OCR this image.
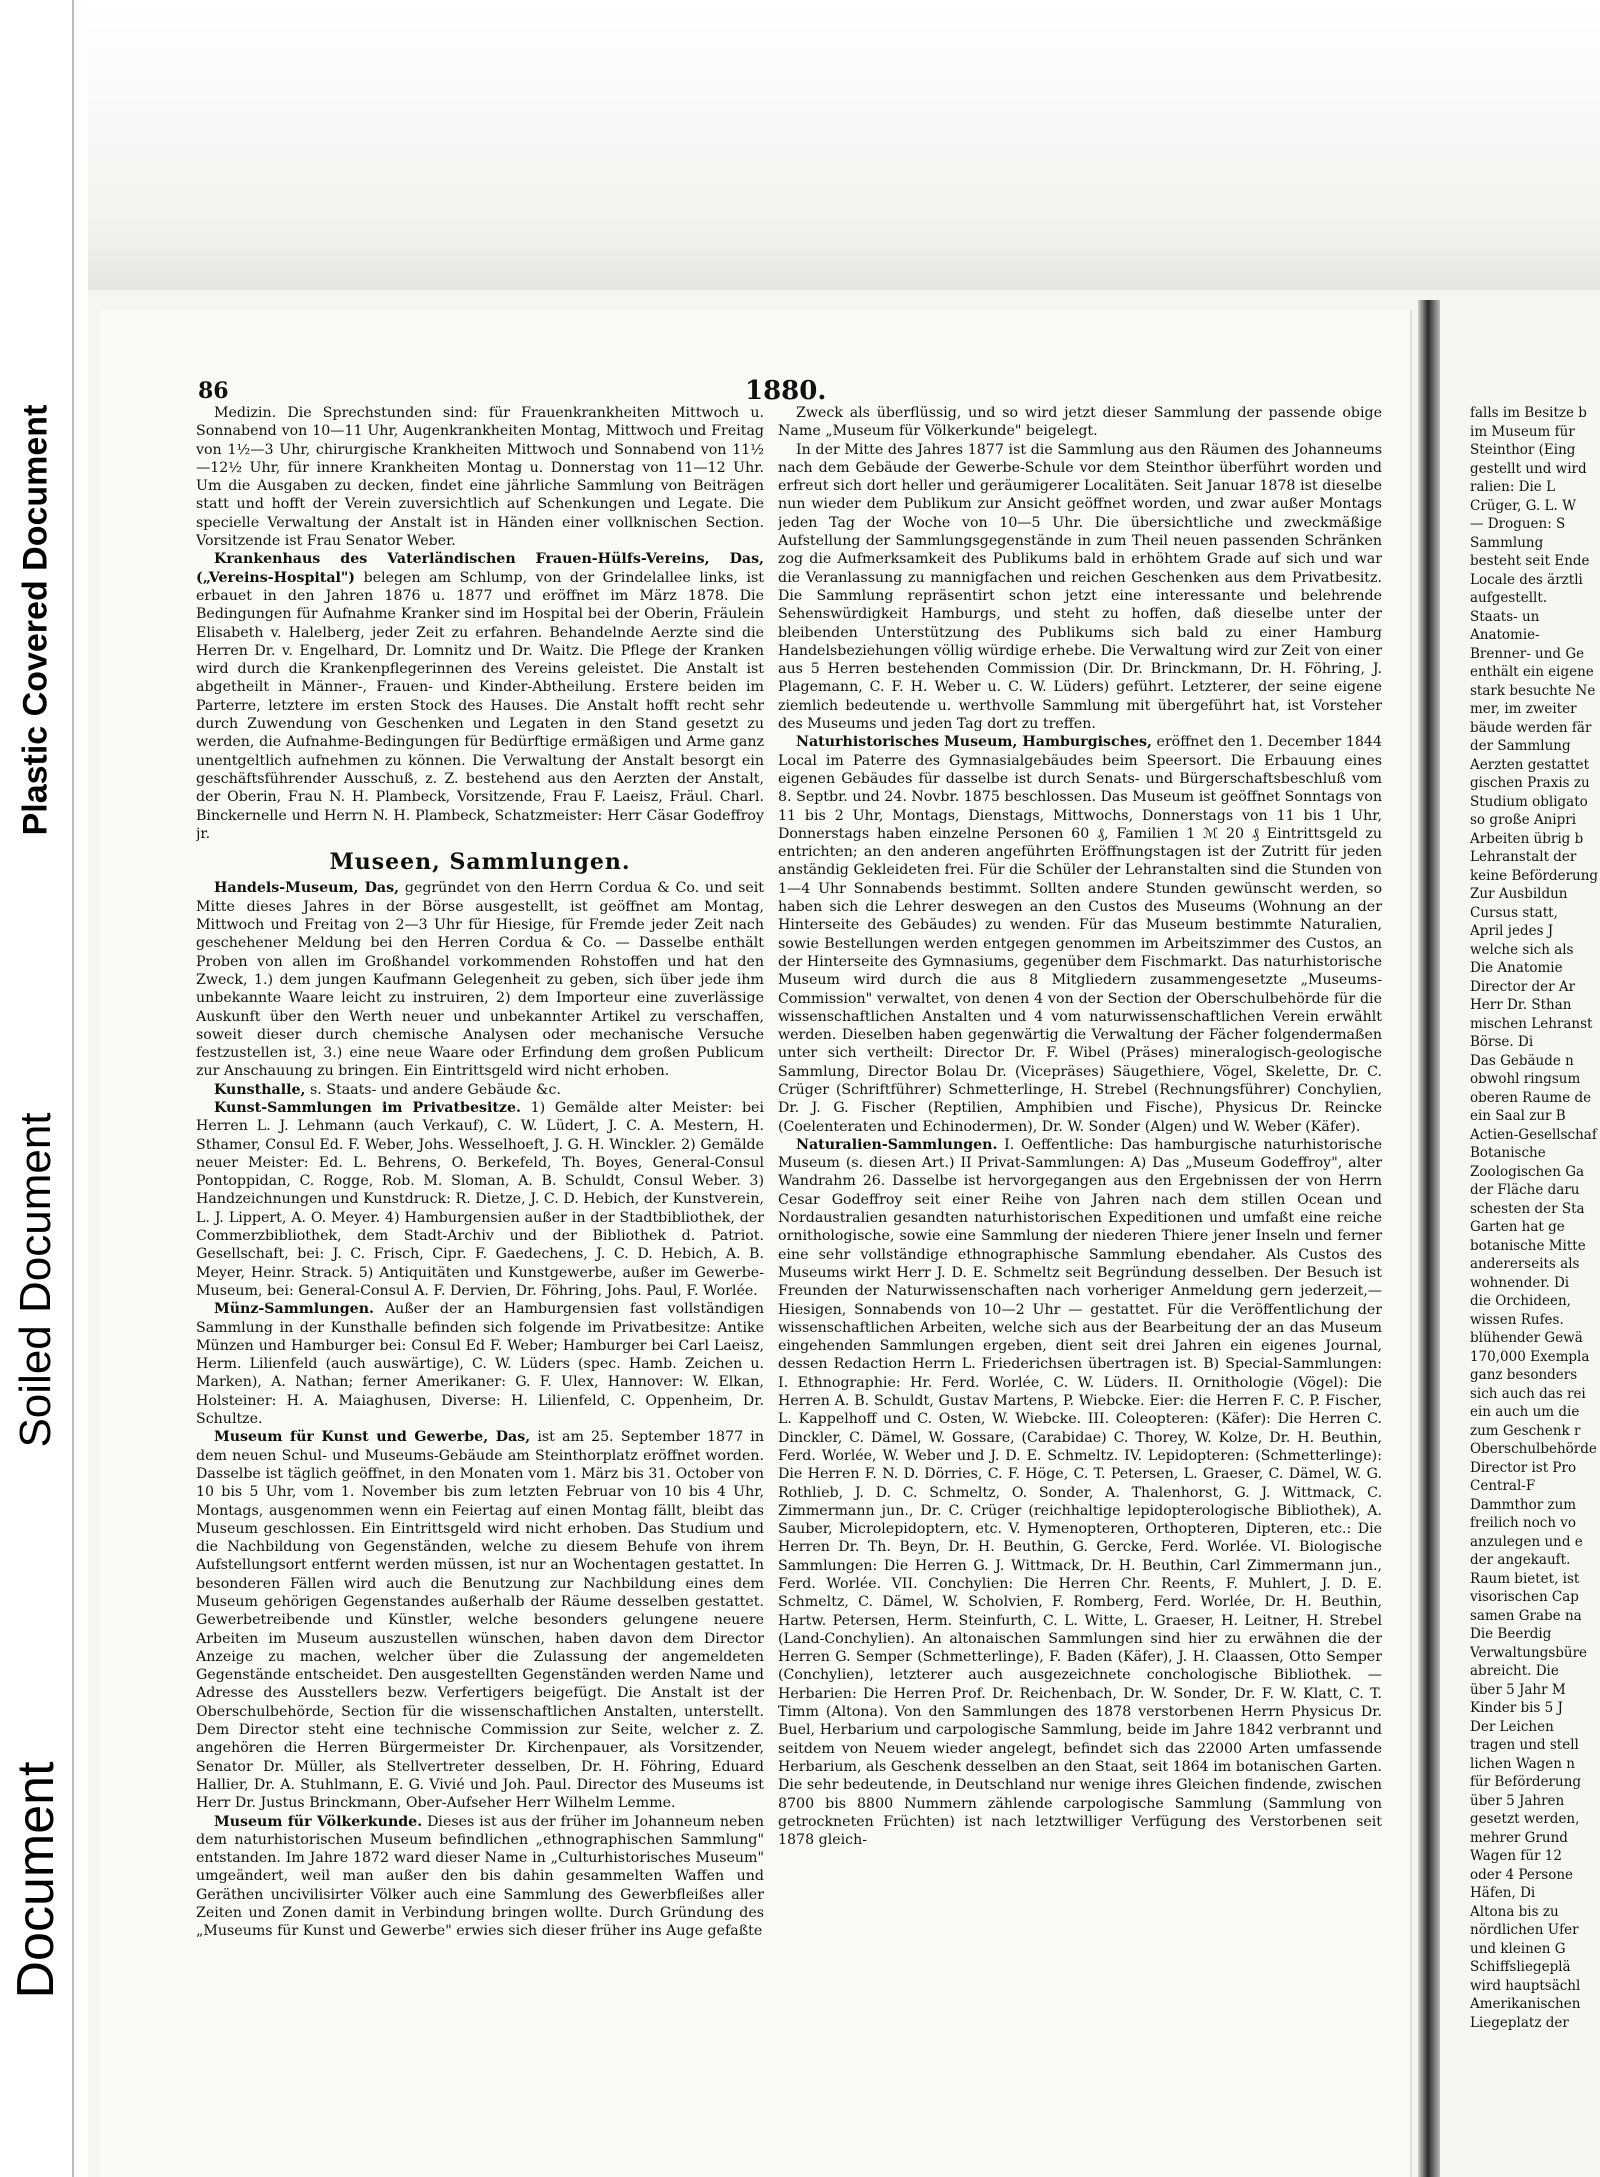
Plastic Covered Document
Soiled Document
Document
86	1880.

Medizin. Die Sprechstunden sind: für Frauenkrankheiten Mittwoch u. Sonnabend von 10—11 Uhr, Augenkrankheiten Montag, Mittwoch und Freitag von 1½—3 Uhr, chirurgische Krankheiten Mittwoch und Sonnabend von 11½—12½ Uhr, für innere Krankheiten Montag u. Donnerstag von 11—12 Uhr. Um die Ausgaben zu decken, findet eine jährliche Sammlung von Beiträgen statt und hofft der Verein zuversichtlich auf Schenkungen und Legate. Die specielle Verwaltung der Anstalt ist in Händen einer vollknischen Section. Vorsitzende ist Frau Senator Weber.

Krankenhaus des Vaterländischen Frauen-Hülfs-Vereins, Das, („Vereins-Hospital") belegen am Schlump, von der Grindelallee links, ist erbauet in den Jahren 1876 u. 1877 und eröffnet im März 1878. Die Bedingungen für Aufnahme Kranker sind im Hospital bei der Oberin, Fräulein Elisabeth v. Halelberg, jeder Zeit zu erfahren. Behandelnde Aerzte sind die Herren Dr. v. Engelhard, Dr. Lomnitz und Dr. Waitz. Die Pflege der Kranken wird durch die Krankenpflegerinnen des Vereins geleistet. Die Anstalt ist abgetheilt in Männer-, Frauen- und Kinder-Abtheilung. Erstere beiden im Parterre, letztere im ersten Stock des Hauses. Die Anstalt hofft recht sehr durch Zuwendung von Geschenken und Legaten in den Stand gesetzt zu werden, die Aufnahme-Bedingungen für Bedürftige ermäßigen und Arme ganz unentgeltlich aufnehmen zu können. Die Verwaltung der Anstalt besorgt ein geschäftsführender Ausschuß, z. Z. bestehend aus den Aerzten der Anstalt, der Oberin, Frau N. H. Plambeck, Vorsitzende, Frau F. Laeisz, Fräul. Charl. Binckernelle und Herrn N. H. Plambeck, Schatzmeister: Herr Cäsar Godeffroy jr.

Museen, Sammlungen.

Handels-Museum, Das, gegründet von den Herrn Cordua & Co. und seit Mitte dieses Jahres in der Börse ausgestellt, ist geöffnet am Montag, Mittwoch und Freitag von 2—3 Uhr für Hiesige, für Fremde jeder Zeit nach geschehener Meldung bei den Herren Cordua & Co. — Dasselbe enthält Proben von allen im Großhandel vorkommenden Rohstoffen und hat den Zweck, 1.) dem jungen Kaufmann Gelegenheit zu geben, sich über jede ihm unbekannte Waare leicht zu instruiren, 2) dem Importeur eine zuverlässige Auskunft über den Werth neuer und unbekannter Artikel zu verschaffen, soweit dieser durch chemische Analysen oder mechanische Versuche festzustellen ist, 3.) eine neue Waare oder Erfindung dem großen Publicum zur Anschauung zu bringen. Ein Eintrittsgeld wird nicht erhoben.

Kunsthalle, s. Staats- und andere Gebäude &c.

Kunst-Sammlungen im Privatbesitze. 1) Gemälde alter Meister: bei Herren L. J. Lehmann (auch Verkauf), C. W. Lüdert, J. C. A. Mestern, H. Sthamer, Consul Ed. F. Weber, Johs. Wesselhoeft, J. G. H. Winckler. 2) Gemälde neuer Meister: Ed. L. Behrens, O. Berkefeld, Th. Boyes, General-Consul Pontoppidan, C. Rogge, Rob. M. Sloman, A. B. Schuldt, Consul Weber. 3) Handzeichnungen und Kunstdruck: R. Dietze, J. C. D. Hebich, der Kunstverein, L. J. Lippert, A. O. Meyer. 4) Hamburgensien außer in der Stadtbibliothek, der Commerzbibliothek, dem Stadt-Archiv und der Bibliothek d. Patriot. Gesellschaft, bei: J. C. Frisch, Cipr. F. Gaedechens, J. C. D. Hebich, A. B. Meyer, Heinr. Strack. 5) Antiquitäten und Kunstgewerbe, außer im Gewerbe-Museum, bei: General-Consul A. F. Dervien, Dr. Föhring, Johs. Paul, F. Worlée.

Münz-Sammlungen. Außer der an Hamburgensien fast vollständigen Sammlung in der Kunsthalle befinden sich folgende im Privatbesitze: Antike Münzen und Hamburger bei: Consul Ed F. Weber; Hamburger bei Carl Laeisz, Herm. Lilienfeld (auch auswärtige), C. W. Lüders (spec. Hamb. Zeichen u. Marken), A. Nathan; ferner Amerikaner: G. F. Ulex, Hannover: W. Elkan, Holsteiner: H. A. Maiaghusen, Diverse: H. Lilienfeld, C. Oppenheim, Dr. Schultze.

Museum für Kunst und Gewerbe, Das, ist am 25. September 1877 in dem neuen Schul- und Museums-Gebäude am Steinthorplatz eröffnet worden. Dasselbe ist täglich geöffnet, in den Monaten vom 1. März bis 31. October von 10 bis 5 Uhr, vom 1. November bis zum letzten Februar von 10 bis 4 Uhr, Montags, ausgenommen wenn ein Feiertag auf einen Montag fällt, bleibt das Museum geschlossen. Ein Eintrittsgeld wird nicht erhoben. Das Studium und die Nachbildung von Gegenständen, welche zu diesem Behufe von ihrem Aufstellungsort entfernt werden müssen, ist nur an Wochentagen gestattet. In besonderen Fällen wird auch die Benutzung zur Nachbildung eines dem Museum gehörigen Gegenstandes außerhalb der Räume desselben gestattet. Gewerbetreibende und Künstler, welche besonders gelungene neuere Arbeiten im Museum auszustellen wünschen, haben davon dem Director Anzeige zu machen, welcher über die Zulassung der angemeldeten Gegenstände entscheidet. Den ausgestellten Gegenständen werden Name und Adresse des Ausstellers bezw. Verfertigers beigefügt. Die Anstalt ist der Oberschulbehörde, Section für die wissenschaftlichen Anstalten, unterstellt. Dem Director steht eine technische Commission zur Seite, welcher z. Z. angehören die Herren Bürgermeister Dr. Kirchenpauer, als Vorsitzender, Senator Dr. Müller, als Stellvertreter desselben, Dr. H. Föhring, Eduard Hallier, Dr. A. Stuhlmann, E. G. Vivié und Joh. Paul. Director des Museums ist Herr Dr. Justus Brinckmann, Ober-Aufseher Herr Wilhelm Lemme.

Museum für Völkerkunde. Dieses ist aus der früher im Johanneum neben dem naturhistorischen Museum befindlichen „ethnographischen Sammlung" entstanden. Im Jahre 1872 ward dieser Name in „Culturhistorisches Museum" umgeändert, weil man außer den bis dahin gesammelten Waffen und Geräthen uncivilisirter Völker auch eine Sammlung des Gewerbfleißes aller Zeiten und Zonen damit in Verbindung bringen wollte. Durch Gründung des „Museums für Kunst und Gewerbe" erwies sich dieser früher ins Auge gefaßte

Zweck als überflüssig, und so wird jetzt dieser Sammlung der passende obige Name „Museum für Völkerkunde" beigelegt.

In der Mitte des Jahres 1877 ist die Sammlung aus den Räumen des Johanneums nach dem Gebäude der Gewerbe-Schule vor dem Steinthor überführt worden und erfreut sich dort heller und geräumigerer Localitäten. Seit Januar 1878 ist dieselbe nun wieder dem Publikum zur Ansicht geöffnet worden, und zwar außer Montags jeden Tag der Woche von 10—5 Uhr. Die übersichtliche und zweckmäßige Aufstellung der Sammlungsgegenstände in zum Theil neuen passenden Schränken zog die Aufmerksamkeit des Publikums bald in erhöhtem Grade auf sich und war die Veranlassung zu mannigfachen und reichen Geschenken aus dem Privatbesitz. Die Sammlung repräsentirt schon jetzt eine interessante und belehrende Sehenswürdigkeit Hamburgs, und steht zu hoffen, daß dieselbe unter der bleibenden Unterstützung des Publikums sich bald zu einer Hamburg Handelsbeziehungen völlig würdige erhebe. Die Verwaltung wird zur Zeit von einer aus 5 Herren bestehenden Commission (Dir. Dr. Brinckmann, Dr. H. Föhring, J. Plagemann, C. F. H. Weber u. C. W. Lüders) geführt. Letzterer, der seine eigene ziemlich bedeutende u. werthvolle Sammlung mit übergeführt hat, ist Vorsteher des Museums und jeden Tag dort zu treffen.

Naturhistorisches Museum, Hamburgisches, eröffnet den 1. December 1844 Local im Paterre des Gymnasialgebäudes beim Speersort. Die Erbauung eines eigenen Gebäudes für dasselbe ist durch Senats- und Bürgerschaftsbeschluß vom 8. Septbr. und 24. Novbr. 1875 beschlossen. Das Museum ist geöffnet Sonntags von 11 bis 2 Uhr, Montags, Dienstags, Mittwochs, Donnerstags von 11 bis 1 Uhr, Donnerstags haben einzelne Personen 60 ₰, Familien 1 ℳ 20 ₰ Eintrittsgeld zu entrichten; an den anderen angeführten Eröffnungstagen ist der Zutritt für jeden anständig Gekleideten frei. Für die Schüler der Lehranstalten sind die Stunden von 1—4 Uhr Sonnabends bestimmt. Sollten andere Stunden gewünscht werden, so haben sich die Lehrer deswegen an den Custos des Museums (Wohnung an der Hinterseite des Gebäudes) zu wenden. Für das Museum bestimmte Naturalien, sowie Bestellungen werden entgegen genommen im Arbeitszimmer des Custos, an der Hinterseite des Gymnasiums, gegenüber dem Fischmarkt. Das naturhistorische Museum wird durch die aus 8 Mitgliedern zusammengesetzte „Museums-Commission" verwaltet, von denen 4 von der Section der Oberschulbehörde für die wissenschaftlichen Anstalten und 4 vom naturwissenschaftlichen Verein erwählt werden. Dieselben haben gegenwärtig die Verwaltung der Fächer folgendermaßen unter sich vertheilt: Director Dr. F. Wibel (Präses) mineralogisch-geologische Sammlung, Director Bolau Dr. (Vicepräses) Säugethiere, Vögel, Skelette, Dr. C. Crüger (Schriftführer) Schmetterlinge, H. Strebel (Rechnungsführer) Conchylien, Dr. J. G. Fischer (Reptilien, Amphibien und Fische), Physicus Dr. Reincke (Coelenteraten und Echinodermen), Dr. W. Sonder (Algen) und W. Weber (Käfer).

Naturalien-Sammlungen. I. Oeffentliche: Das hamburgische naturhistorische Museum (s. diesen Art.) II Privat-Sammlungen: A) Das „Museum Godeffroy", alter Wandrahm 26. Dasselbe ist hervorgegangen aus den Ergebnissen der von Herrn Cesar Godeffroy seit einer Reihe von Jahren nach dem stillen Ocean und Nordaustralien gesandten naturhistorischen Expeditionen und umfaßt eine reiche ornithologische, sowie eine Sammlung der niederen Thiere jener Inseln und ferner eine sehr vollständige ethnographische Sammlung ebendaher. Als Custos des Museums wirkt Herr J. D. E. Schmeltz seit Begründung desselben. Der Besuch ist Freunden der Naturwissenschaften nach vorheriger Anmeldung gern jederzeit,—Hiesigen, Sonnabends von 10—2 Uhr — gestattet. Für die Veröffentlichung der wissenschaftlichen Arbeiten, welche sich aus der Bearbeitung der an das Museum eingehenden Sammlungen ergeben, dient seit drei Jahren ein eigenes Journal, dessen Redaction Herrn L. Friederichsen übertragen ist. B) Special-Sammlungen: I. Ethnographie: Hr. Ferd. Worlée, C. W. Lüders. II. Ornithologie (Vögel): Die Herren A. B. Schuldt, Gustav Martens, P. Wiebcke. Eier: die Herren F. C. P. Fischer, L. Kappelhoff und C. Osten, W. Wiebcke. III. Coleopteren: (Käfer): Die Herren C. Dinckler, C. Dämel, W. Gossare, (Carabidae) C. Thorey, W. Kolze, Dr. H. Beuthin, Ferd. Worlée, W. Weber und J. D. E. Schmeltz. IV. Lepidopteren: (Schmetterlinge): Die Herren F. N. D. Dörries, C. F. Höge, C. T. Petersen, L. Graeser, C. Dämel, W. G. Rothlieb, J. D. C. Schmeltz, O. Sonder, A. Thalenhorst, G. J. Wittmack, C. Zimmermann jun., Dr. C. Crüger (reichhaltige lepidopterologische Bibliothek), A. Sauber, Microlepidoptern, etc. V. Hymenopteren, Orthopteren, Dipteren, etc.: Die Herren Dr. Th. Beyn, Dr. H. Beuthin, G. Gercke, Ferd. Worlée. VI. Biologische Sammlungen: Die Herren G. J. Wittmack, Dr. H. Beuthin, Carl Zimmermann jun., Ferd. Worlée. VII. Conchylien: Die Herren Chr. Reents, F. Muhlert, J. D. E. Schmeltz, C. Dämel, W. Scholvien, F. Romberg, Ferd. Worlée, Dr. H. Beuthin, Hartw. Petersen, Herm. Steinfurth, C. L. Witte, L. Graeser, H. Leitner, H. Strebel (Land-Conchylien). An altonaischen Sammlungen sind hier zu erwähnen die der Herren G. Semper (Schmetterlinge), F. Baden (Käfer), J. H. Claassen, Otto Semper (Conchylien), letzterer auch ausgezeichnete conchologische Bibliothek. — Herbarien: Die Herren Prof. Dr. Reichenbach, Dr. W. Sonder, Dr. F. W. Klatt, C. T. Timm (Altona). Von den Sammlungen des 1878 verstorbenen Herrn Physicus Dr. Buel, Herbarium und carpologische Sammlung, beide im Jahre 1842 verbrannt und seitdem von Neuem wieder angelegt, befindet sich das 22000 Arten umfassende Herbarium, als Geschenk desselben an den Staat, seit 1864 im botanischen Garten. Die sehr bedeutende, in Deutschland nur wenige ihres Gleichen findende, zwischen 8700 bis 8800 Nummern zählende carpologische Sammlung (Sammlung von getrockneten Früchten) ist nach letztwilliger Verfügung des Verstorbenen seit 1878 gleich-

falls im Besitze b
im Museum für
Steinthor (Eing
gestellt und wird
ralien: Die L
Crüger, G. L. W
— Droguen: S
Sammlung
besteht seit Ende
Locale des ärztli
aufgestellt.
Staats- un
Anatomie-
Brenner- und Ge
enthält ein eigene
stark besuchte Ne
mer, im zweiter
bäude werden fär
der Sammlung
Aerzten gestattet
gischen Praxis zu
Studium obligato
so große Anipri
Arbeiten übrig b
Lehranstalt der
keine Beförderung
Zur Ausbildun
Cursus statt,
April jedes J
welche sich als
Die Anatomie
Director der Ar
Herr Dr. Sthan
mischen Lehranst
Börse. Di
Das Gebäude n
obwohl ringsum
oberen Raume de
ein Saal zur B
Actien-Gesellschaf
Botanische
Zoologischen Ga
der Fläche daru
schesten der Sta
Garten hat ge
botanische Mitte
andererseits als
wohnender. Di
die Orchideen,
wissen Rufes.
blühender Gewä
170,000 Exempla
ganz besonders
sich auch das rei
ein auch um die
zum Geschenk r
Oberschulbehörde
Director ist Pro
Central-F
Dammthor zum
freilich noch vo
anzulegen und e
der angekauft.
Raum bietet, ist
visorischen Cap
samen Grabe na
Die Beerdig
Verwaltungsbüre
abreicht. Die
über 5 Jahr M
Kinder bis 5 J
Der Leichen
tragen und stell
lichen Wagen n
für Beförderung
über 5 Jahren
gesetzt werden,
mehrer Grund
Wagen für 12
oder 4 Persone
Häfen, Di
Altona bis zu
nördlichen Ufer
und kleinen G
Schiffsliegeplä
wird hauptsächl
Amerikanischen
Liegeplatz der
